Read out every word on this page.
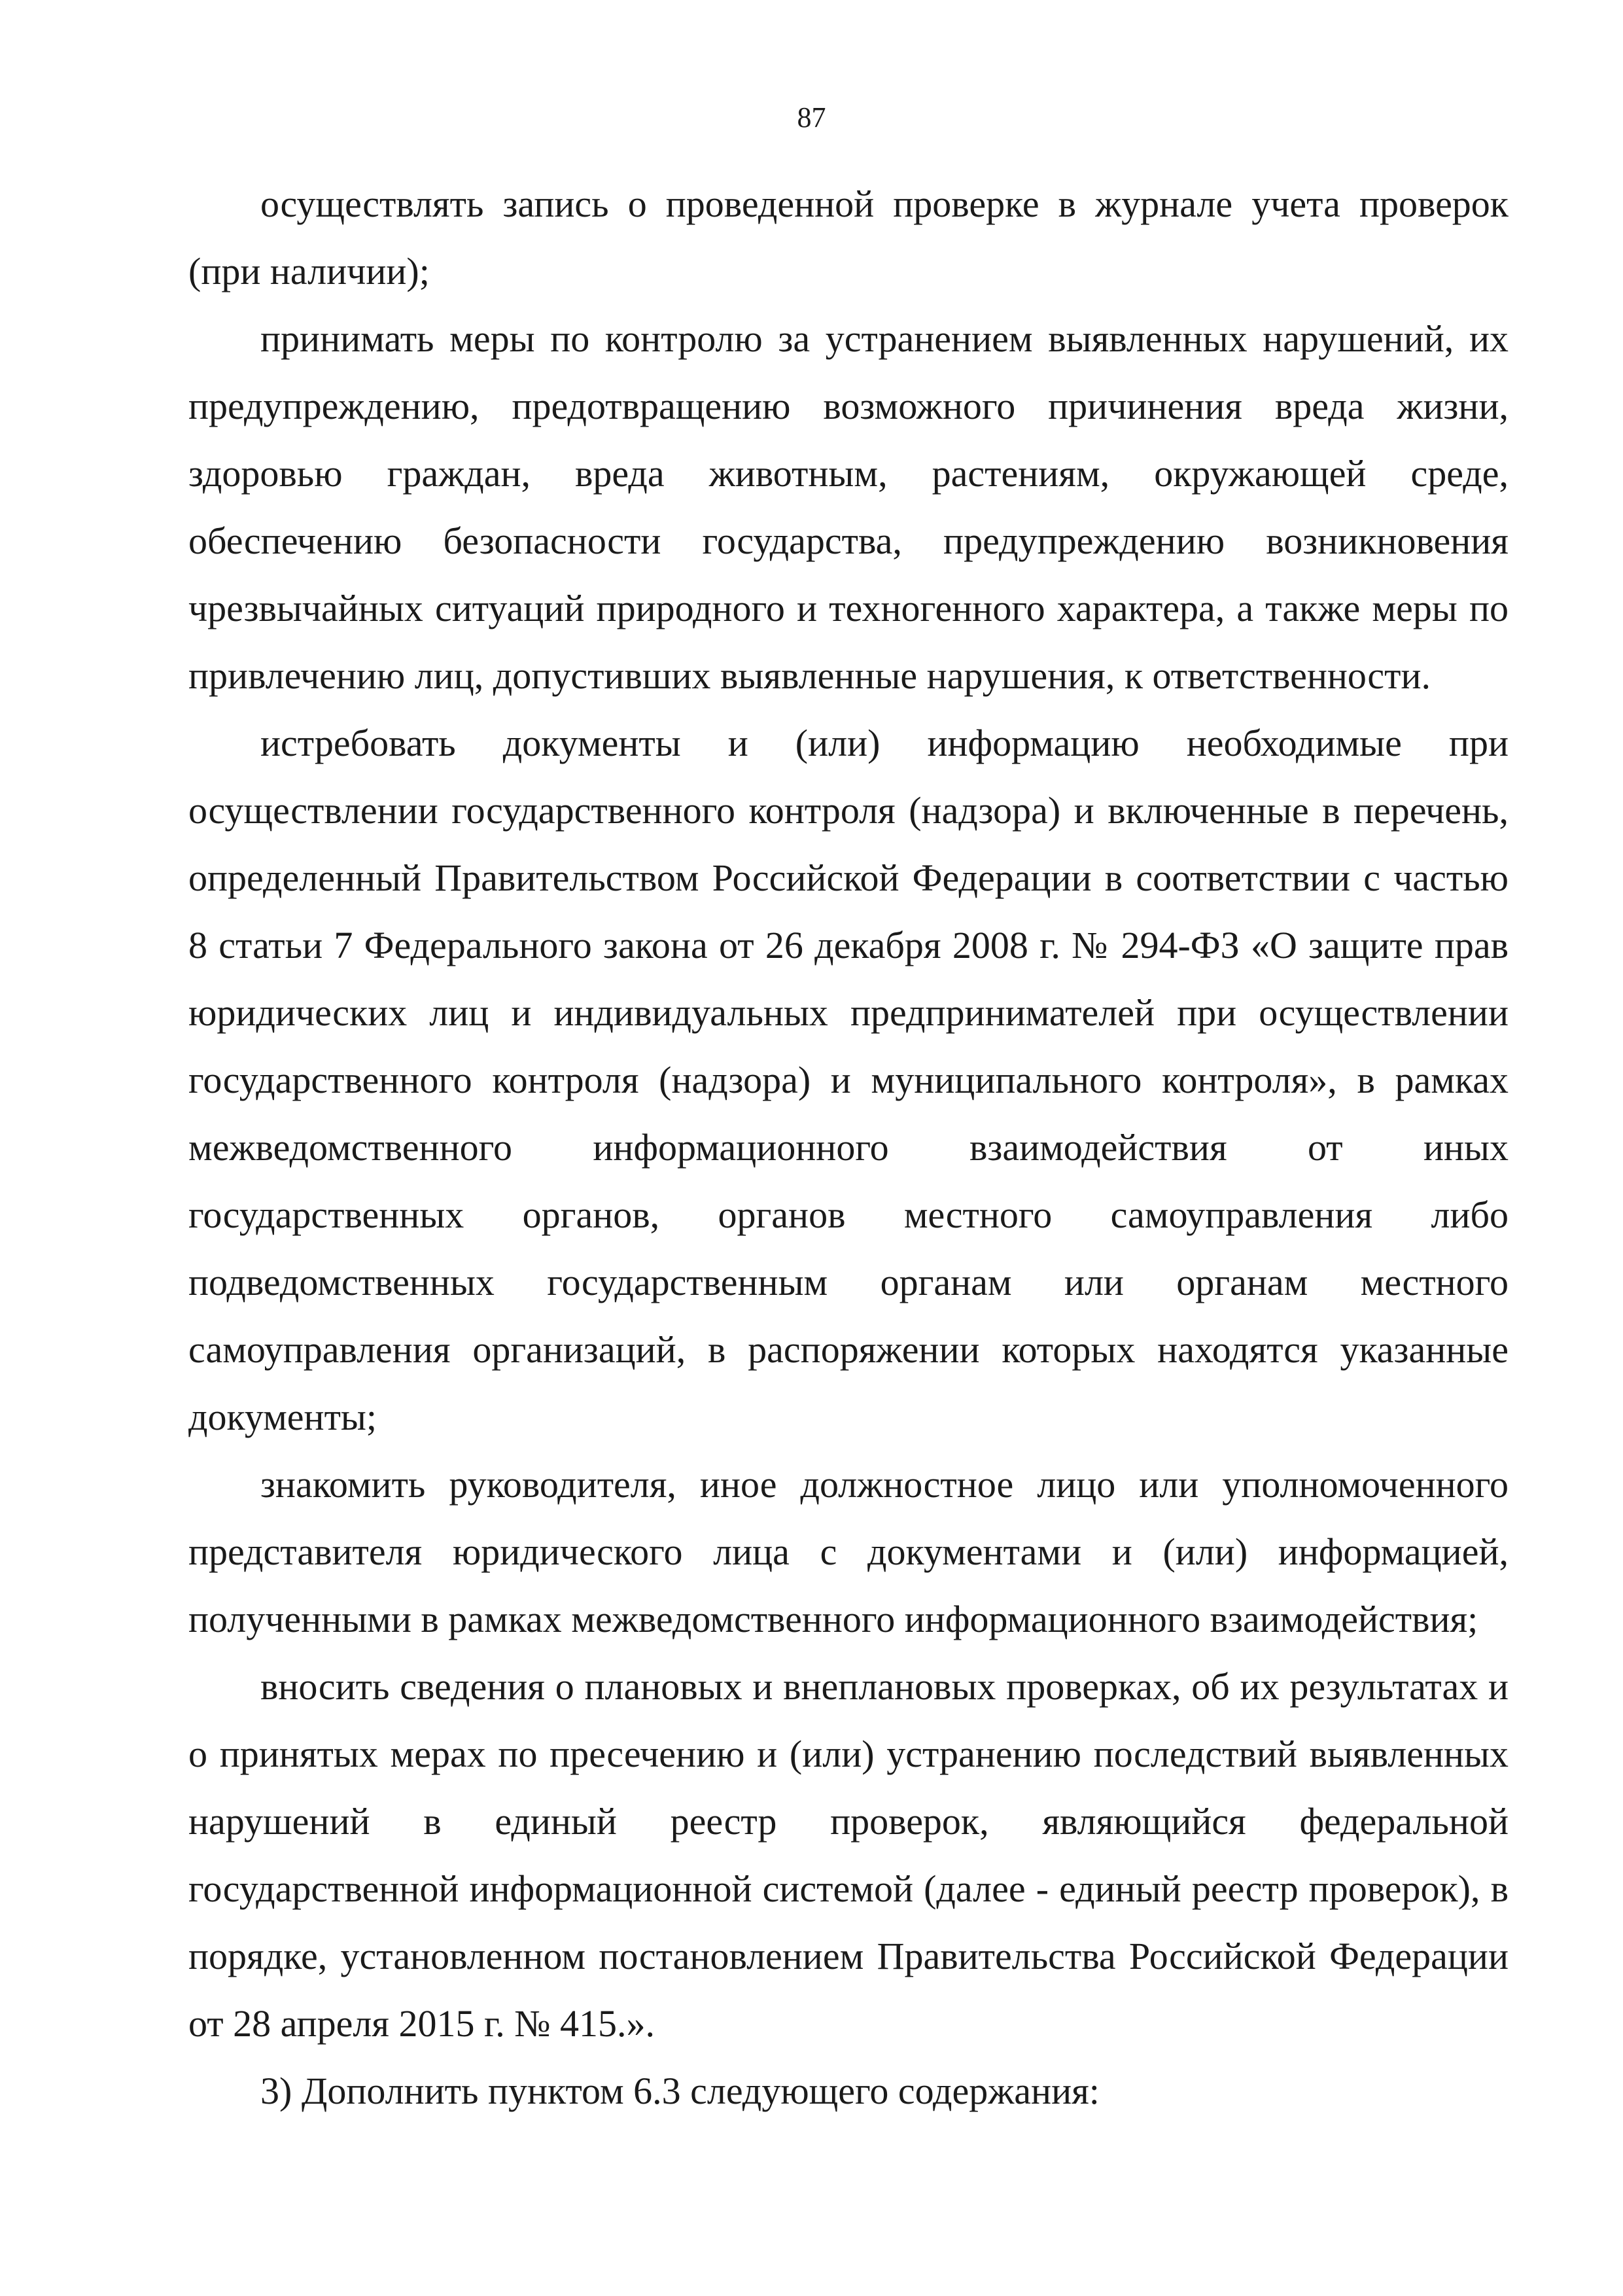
87

осуществлять запись о проведенной проверке в журнале учета проверок (при наличии);

принимать меры по контролю за устранением выявленных нарушений, их предупреждению, предотвращению возможного причинения вреда жизни, здоровью граждан, вреда животным, растениям, окружающей среде, обеспечению безопасности государства, предупреждению возникновения чрезвычайных ситуаций природного и техногенного характера, а также меры по привлечению лиц, допустивших выявленные нарушения, к ответственности.

истребовать документы и (или) информацию необходимые при осуществлении государственного контроля (надзора) и включенные в перечень, определенный Правительством Российской Федерации в соответствии с частью 8 статьи 7 Федерального закона от 26 декабря 2008 г. № 294-ФЗ «О защите прав юридических лиц и индивидуальных предпринимателей при осуществлении государственного контроля (надзора) и муниципального контроля», в рамках межведомственного информационного взаимодействия от иных государственных органов, органов местного самоуправления либо подведомственных государственным органам или органам местного самоуправления организаций, в распоряжении которых находятся указанные документы;

знакомить руководителя, иное должностное лицо или уполномоченного представителя юридического лица с документами и (или) информацией, полученными в рамках межведомственного информационного взаимодействия;

вносить сведения о плановых и внеплановых проверках, об их результатах и о принятых мерах по пресечению и (или) устранению последствий выявленных нарушений в единый реестр проверок, являющийся федеральной государственной информационной системой (далее - единый реестр проверок), в порядке, установленном постановлением Правительства Российской Федерации от 28 апреля 2015 г. № 415.».

3) Дополнить пунктом 6.3 следующего содержания:
